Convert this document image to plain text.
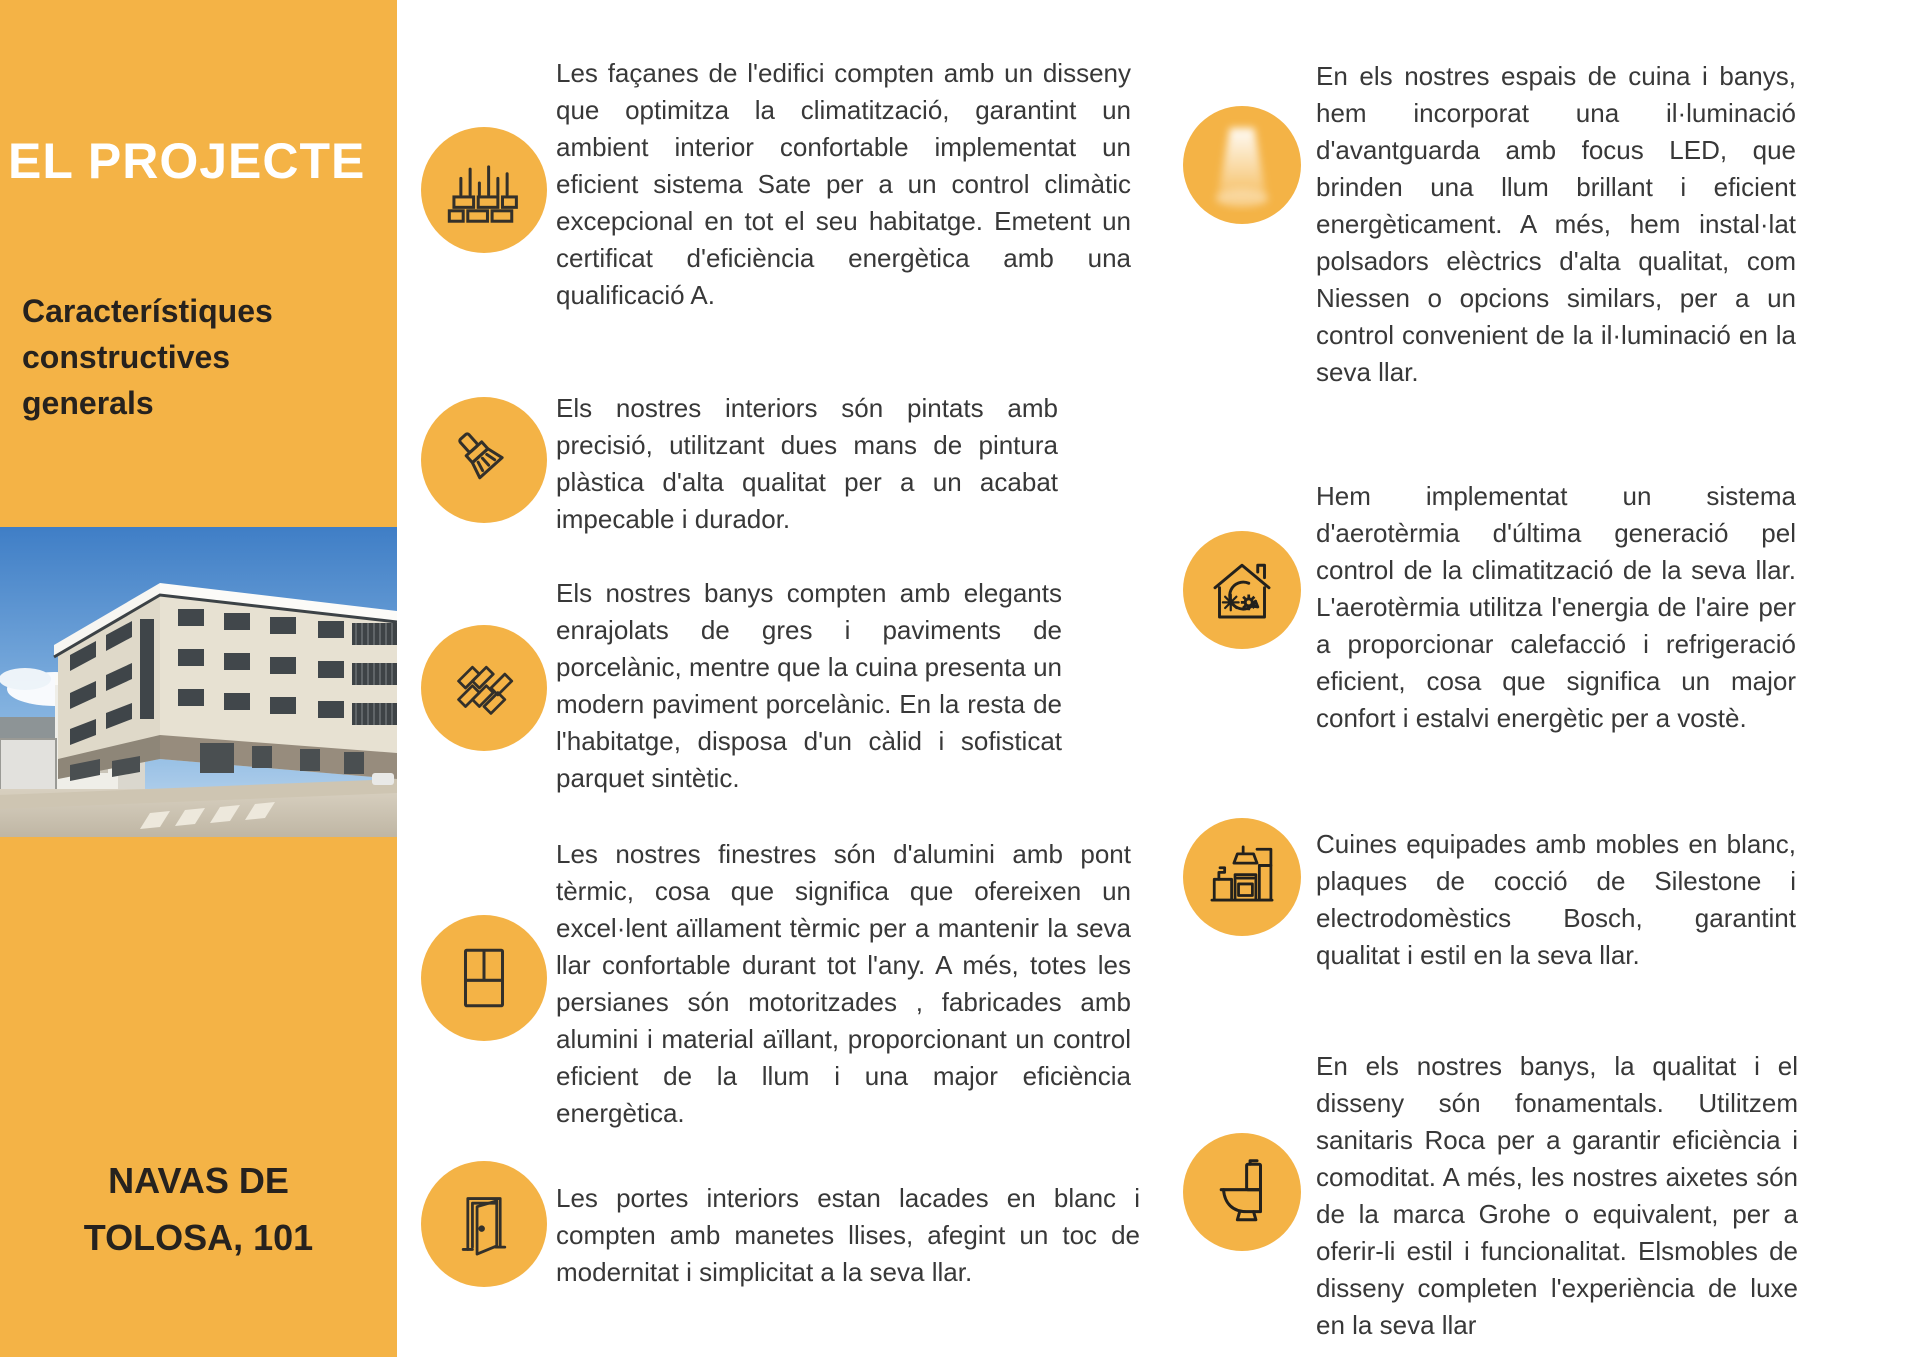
EL PROJECTE
Característiques constructives generals
NAVAS DE
TOLOSA, 101

Les façanes de l'edifici compten amb un disseny que optimitza la climatització, garantint un ambient interior confortable implementat un eficient sistema Sate per a un control climàtic excepcional en tot el seu habitatge. Emetent un certificat d'eficiència energètica amb una qualificació A.

Els nostres interiors són pintats amb precisió, utilitzant dues mans de pintura plàstica d'alta qualitat per a un acabat impecable i durador.

Els nostres banys compten amb elegants enrajolats de gres i paviments de porcelànic, mentre que la cuina presenta un modern paviment porcelànic. En la resta de l'habitatge, disposa d'un càlid i sofisticat parquet sintètic.

Les nostres finestres són d'alumini amb pont tèrmic, cosa que significa que ofereixen un excel·lent aïllament tèrmic per a mantenir la seva llar confortable durant tot l'any. A més, totes les persianes són motoritzades , fabricades amb alumini i material aïllant, proporcionant un control eficient de la llum i una major eficiència energètica.

Les portes interiors estan lacades en blanc i compten amb manetes llises, afegint un toc de modernitat i simplicitat a la seva llar.

En els nostres espais de cuina i banys, hem incorporat una il·luminació d'avantguarda amb focus LED, que brinden una llum brillant i eficient energèticament. A més, hem instal·lat polsadors elèctrics d'alta qualitat, com Niessen o opcions similars, per a un control convenient de la il·luminació en la seva llar.

Hem implementat un sistema d'aerotèrmia d'última generació pel control de la climatització de la seva llar. L'aerotèrmia utilitza l'energia de l'aire per a proporcionar calefacció i refrigeració eficient, cosa que significa un major confort i estalvi energètic per a vostè.

Cuines equipades amb mobles en blanc, plaques de cocció de Silestone i electrodomèstics Bosch, garantint qualitat i estil en la seva llar.

En els nostres banys, la qualitat i el disseny són fonamentals. Utilitzem sanitaris Roca per a garantir eficiència i comoditat. A més, les nostres aixetes són de la marca Grohe o equivalent, per a oferir-li estil i funcionalitat. Elsmobles de disseny completen l'experiència de luxe en la seva llar
